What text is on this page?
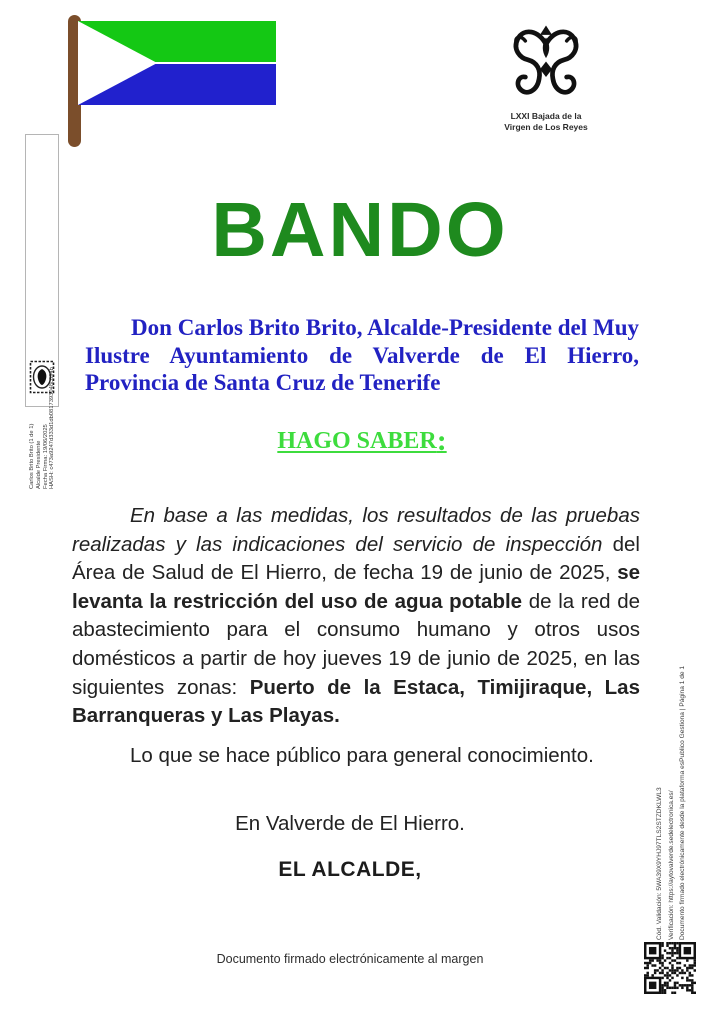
LXXI Bajada de la
Virgen de Los Reyes
Carlos Brito Brito (1 de 1) Alcalde Presidente Fecha Firma: 19/06/2025 HASH: c473a9247d333d1db0817393048c894b
BANDO
Don Carlos Brito Brito, Alcalde-Presidente del Muy Ilustre Ayuntamiento de Valverde de El Hierro, Provincia de Santa Cruz de Tenerife
HAGO SABER:
En base a las medidas, los resultados de las pruebas realizadas y las indicaciones del servicio de inspección del Área de Salud de El Hierro, de fecha 19 de junio de 2025, se levanta la restricción del uso de agua potable de la red de abastecimiento para el consumo humano y otros usos domésticos a partir de hoy jueves 19 de junio de 2025, en las siguientes zonas: Puerto de la Estaca, Timijiraque, Las Barranqueras y Las Playas.
Lo que se hace público para general conocimiento.
En Valverde de El Hierro.
EL ALCALDE,
Documento firmado electrónicamente al margen
Cód. Validación: 5WA39X9YHJ97TLS2STZDKLWL3 Verificación: https://aytovalverde.sedelectronica.es/ Documento firmado electrónicamente desde la plataforma esPublico Gestiona | Página 1 de 1
